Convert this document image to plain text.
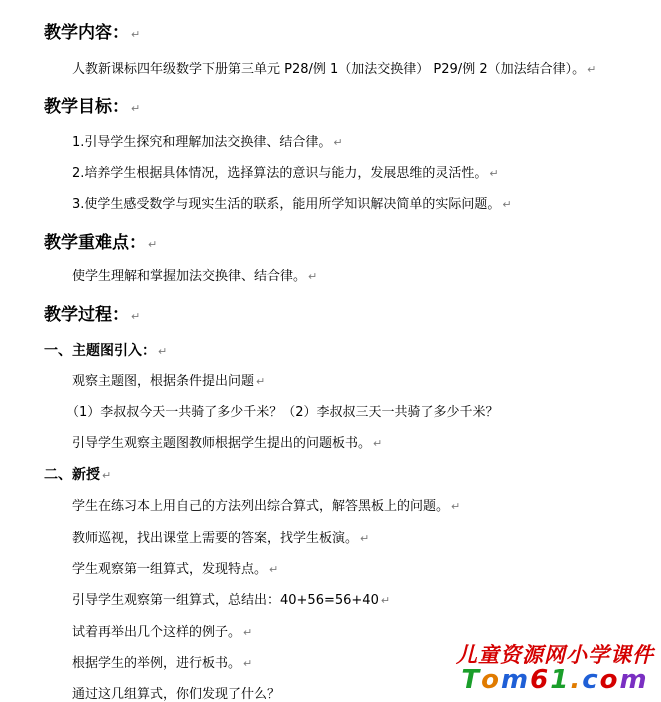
教学内容： ↵
人教新课标四年级数学下册第三单元 P28/例 1（加法交换律） P29/例 2（加法结合律）。 ↵
教学目标： ↵
1.引导学生探究和理解加法交换律、结合律。 ↵
2.培养学生根据具体情况，选择算法的意识与能力，发展思维的灵活性。 ↵
3.使学生感受数学与现实生活的联系，能用所学知识解决简单的实际问题。 ↵
教学重难点： ↵
使学生理解和掌握加法交换律、结合律。 ↵
教学过程： ↵
一、主题图引入： ↵
观察主题图，根据条件提出问题 ↵
（1）李叔叔今天一共骑了多少千米？（2）李叔叔三天一共骑了多少千米？
引导学生观察主题图教师根据学生提出的问题板书。 ↵
二、新授 ↵
学生在练习本上用自己的方法列出综合算式，解答黑板上的问题。 ↵
教师巡视，找出课堂上需要的答案，找学生板演。 ↵
学生观察第一组算式，发现特点。 ↵
引导学生观察第一组算式，总结出：40+56=56+40 ↵
试着再举出几个这样的例子。 ↵
根据学生的举例，进行板书。 ↵
通过这几组算式，你们发现了什么？
儿童资源网小学课件
Tom61.com
